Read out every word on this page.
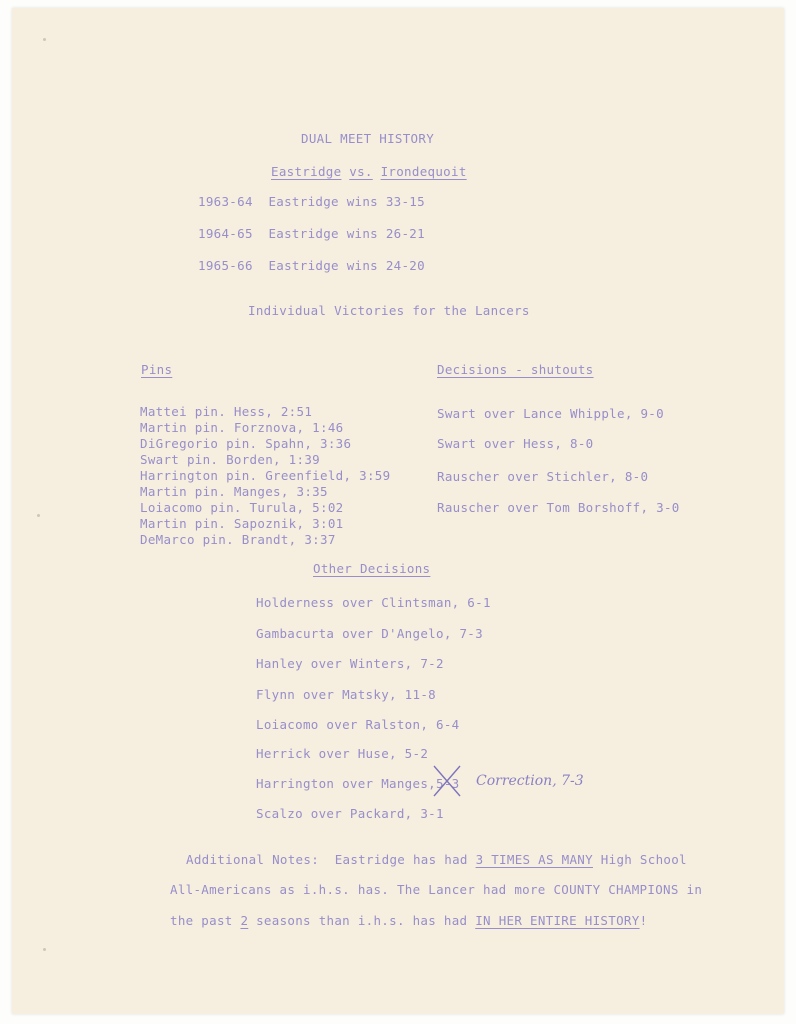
DUAL MEET HISTORY
Eastridge vs. Irondequoit
1963-64 Eastridge wins 33-15
1964-65 Eastridge wins 26-21
1965-66 Eastridge wins 24-20
Individual Victories for the Lancers
Pins
Mattei pin. Hess, 2:51
Martin pin. Forznova, 1:46
DiGregorio pin. Spahn, 3:36
Swart pin. Borden, 1:39
Harrington pin. Greenfield, 3:59
Martin pin. Manges, 3:35
Loiacomo pin. Turula, 5:02
Martin pin. Sapoznik, 3:01
DeMarco pin. Brandt, 3:37
Decisions - shutouts
Swart over Lance Whipple, 9-0
Swart over Hess, 8-0
Rauscher over Stichler, 8-0
Rauscher over Tom Borshoff, 3-0
Other Decisions
Holderness over Clintsman, 6-1
Gambacurta over D'Angelo, 7-3
Hanley over Winters, 7-2
Flynn over Matsky, 11-8
Loiacomo over Ralston, 6-4
Herrick over Huse, 5-2
Harrington over Manges, 5-3 Correction, 7-3
Scalzo over Packard, 3-1
Additional Notes: Eastridge has had 3 TIMES AS MANY High School
All-Americans as i.h.s. has. The Lancer had more COUNTY CHAMPIONS in
the past 2 seasons than i.h.s. has had IN HER ENTIRE HISTORY!
